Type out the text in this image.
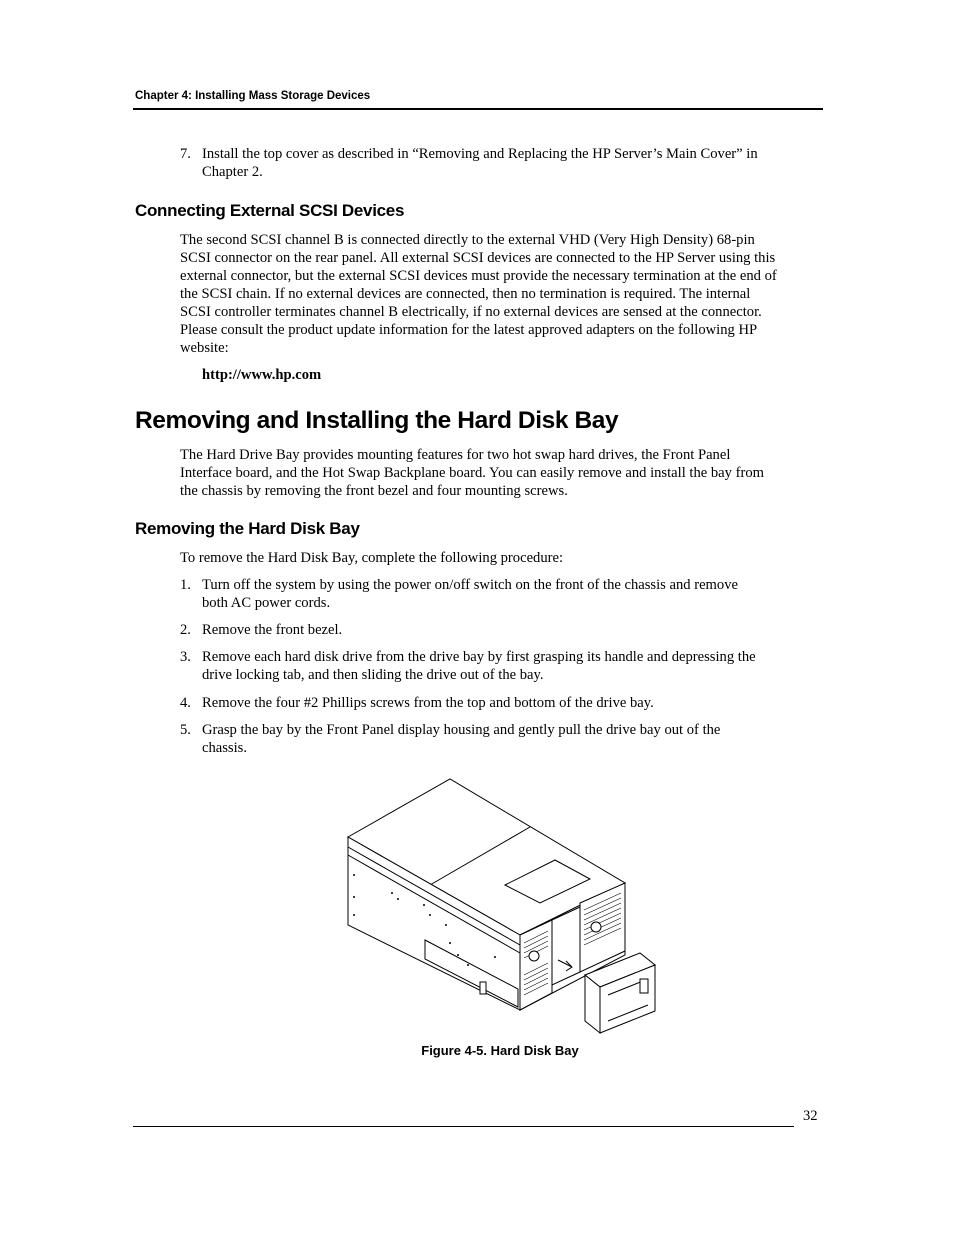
Chapter 4: Installing Mass Storage Devices
7. Install the top cover as described in “Removing and Replacing the HP Server’s Main Cover” in
Chapter 2.
Connecting External SCSI Devices
The second SCSI channel B is connected directly to the external VHD (Very High Density) 68-pin
SCSI connector on the rear panel. All external SCSI devices are connected to the HP Server using this
external connector, but the external SCSI devices must provide the necessary termination at the end of
the SCSI chain. If no external devices are connected, then no termination is required. The internal
SCSI controller terminates channel B electrically, if no external devices are sensed at the connector.
Please consult the product update information for the latest approved adapters on the following HP
website:
http://www.hp.com
Removing and Installing the Hard Disk Bay
The Hard Drive Bay provides mounting features for two hot swap hard drives, the Front Panel
Interface board, and the Hot Swap Backplane board. You can easily remove and install the bay from
the chassis by removing the front bezel and four mounting screws.
Removing the Hard Disk Bay
To remove the Hard Disk Bay, complete the following procedure:
1. Turn off the system by using the power on/off switch on the front of the chassis and remove
both AC power cords.
2. Remove the front bezel.
3. Remove each hard disk drive from the drive bay by first grasping its handle and depressing the
drive locking tab, and then sliding the drive out of the bay.
4. Remove the four #2 Phillips screws from the top and bottom of the drive bay.
5. Grasp the bay by the Front Panel display housing and gently pull the drive bay out of the
chassis.
Figure 4-5. Hard Disk Bay
32
